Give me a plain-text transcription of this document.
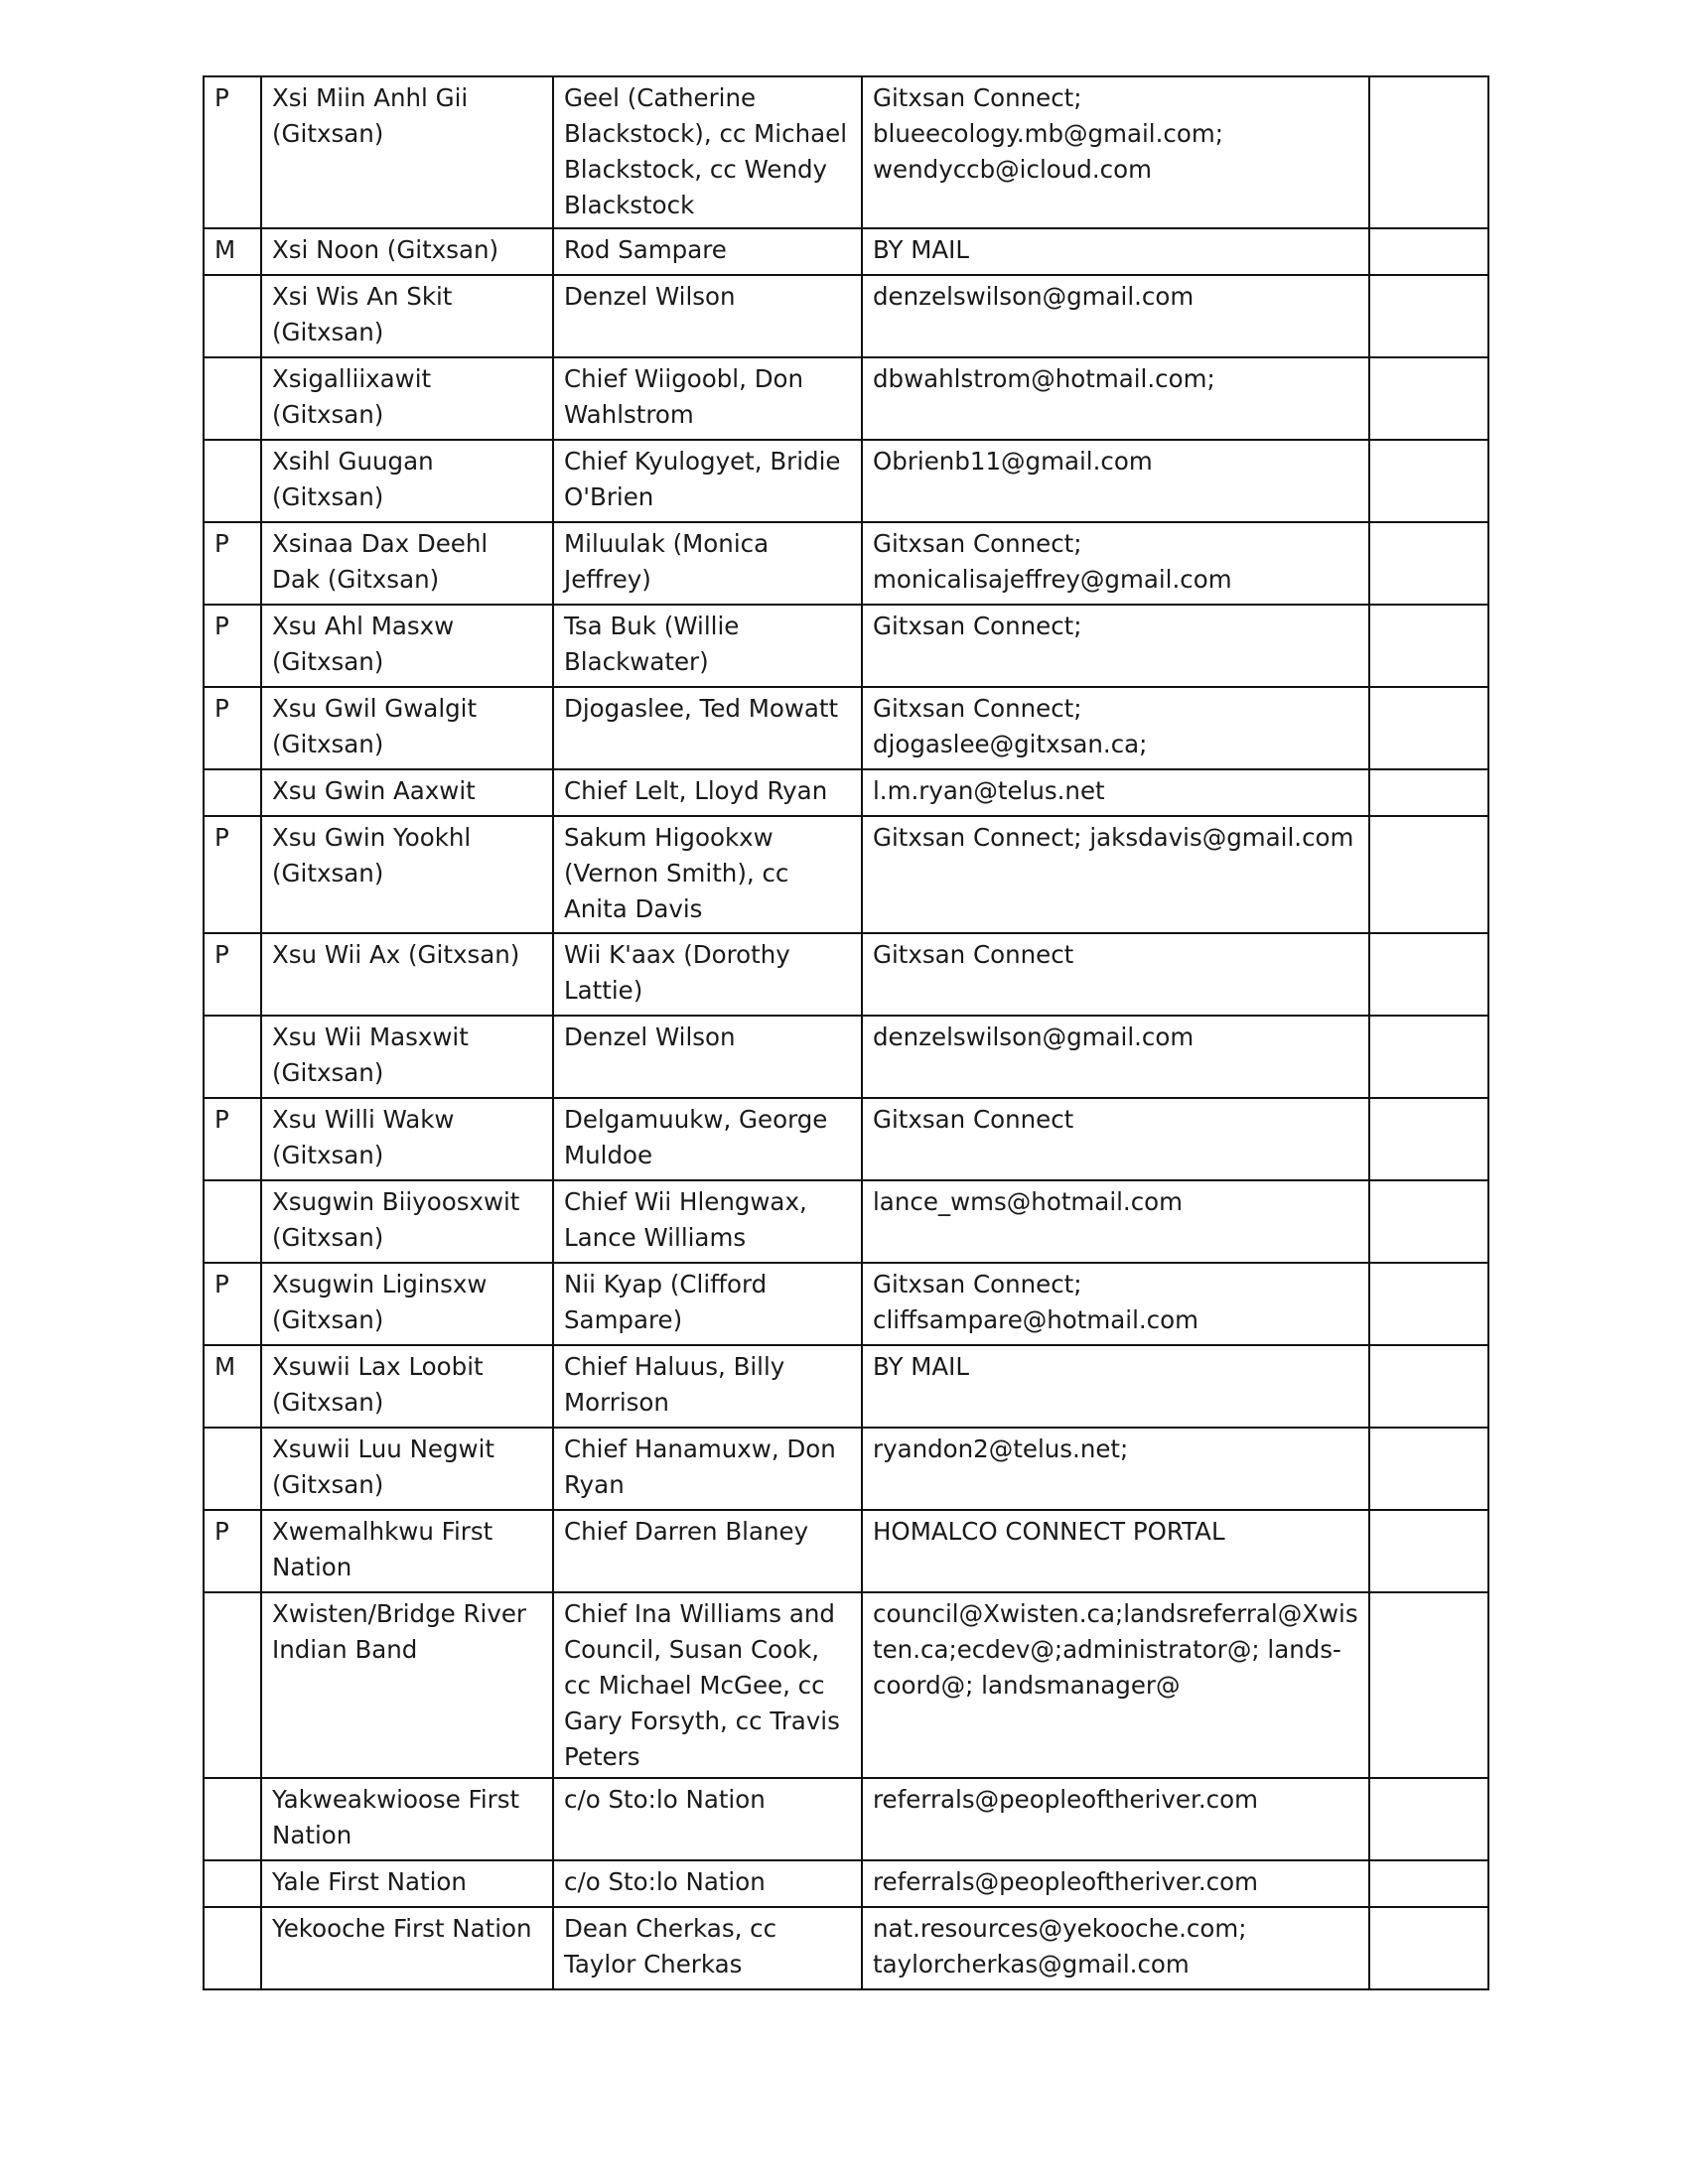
P	Xsi Miin Anhl Gii (Gitxsan)	Geel (Catherine Blackstock), cc Michael Blackstock, cc Wendy Blackstock	Gitxsan Connect; blueecology.mb@gmail.com; wendyccb@icloud.com	

M	Xsi Noon (Gitxsan)	Rod Sampare	BY MAIL	

	Xsi Wis An Skit (Gitxsan)	Denzel Wilson	denzelswilson@gmail.com	

	Xsigalliixawit (Gitxsan)	Chief Wiigoobl, Don Wahlstrom	dbwahlstrom@hotmail.com;	

	Xsihl Guugan (Gitxsan)	Chief Kyulogyet, Bridie O'Brien	Obrienb11@gmail.com	

P	Xsinaa Dax Deehl Dak (Gitxsan)	Miluulak (Monica Jeffrey)	Gitxsan Connect; monicalisajeffrey@gmail.com	

P	Xsu Ahl Masxw (Gitxsan)	Tsa Buk (Willie Blackwater)	Gitxsan Connect;	

P	Xsu Gwil Gwalgit (Gitxsan)	Djogaslee, Ted Mowatt	Gitxsan Connect; djogaslee@gitxsan.ca;	

	Xsu Gwin Aaxwit	Chief Lelt, Lloyd Ryan	l.m.ryan@telus.net	

P	Xsu Gwin Yookhl (Gitxsan)	Sakum Higookxw (Vernon Smith), cc Anita Davis	Gitxsan Connect; jaksdavis@gmail.com	

P	Xsu Wii Ax (Gitxsan)	Wii K'aax (Dorothy Lattie)	Gitxsan Connect	

	Xsu Wii Masxwit (Gitxsan)	Denzel Wilson	denzelswilson@gmail.com	

P	Xsu Willi Wakw (Gitxsan)	Delgamuukw, George Muldoe	Gitxsan Connect	

	Xsugwin Biiyoosxwit (Gitxsan)	Chief Wii Hlengwax, Lance Williams	lance_wms@hotmail.com	

P	Xsugwin Liginsxw (Gitxsan)	Nii Kyap (Clifford Sampare)	Gitxsan Connect; cliffsampare@hotmail.com	

M	Xsuwii Lax Loobit (Gitxsan)	Chief Haluus, Billy Morrison	BY MAIL	

	Xsuwii Luu Negwit (Gitxsan)	Chief Hanamuxw, Don Ryan	ryandon2@telus.net;	

P	Xwemalhkwu First Nation	Chief Darren Blaney	HOMALCO CONNECT PORTAL	

	Xwisten/Bridge River Indian Band	Chief Ina Williams and Council, Susan Cook, cc Michael McGee, cc Gary Forsyth, cc Travis Peters	council@Xwisten.ca;landsreferral@Xwisten.ca;ecdev@;administrator@; lands-coord@; landsmanager@	

	Yakweakwioose First Nation	c/o Sto:lo Nation	referrals@peopleoftheriver.com	

	Yale First Nation	c/o Sto:lo Nation	referrals@peopleoftheriver.com	

	Yekooche First Nation	Dean Cherkas, cc Taylor Cherkas	nat.resources@yekooche.com; taylorcherkas@gmail.com	
